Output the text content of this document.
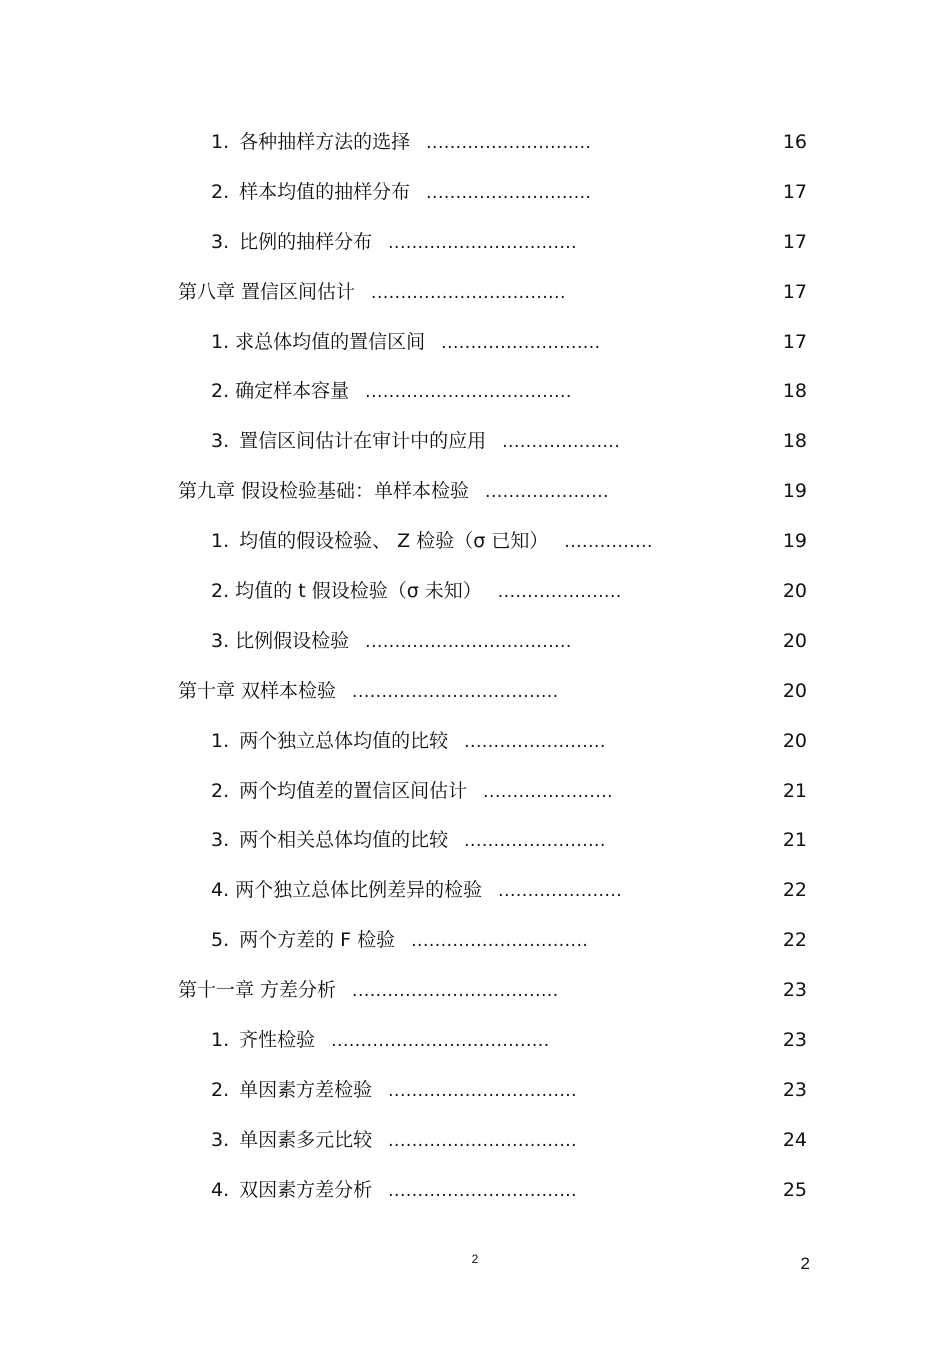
1. 各种抽样方法的选择 ............................	16
2. 样本均值的抽样分布 ............................	17
3. 比例的抽样分布 ................................	17
第八章 置信区间估计 .................................	17
1. 求总体均值的置信区间 ...........................	17
2. 确定样本容量 ...................................	18
3. 置信区间估计在审计中的应用 ....................	18
第九章 假设检验基础：单样本检验 .....................	19
1. 均值的假设检验、 Z 检验（σ 已知） ...............	19
2. 均值的 t 假设检验（σ 未知） .....................	20
3. 比例假设检验 ...................................	20
第十章 双样本检验 ...................................	20
1. 两个独立总体均值的比较 ........................	20
2. 两个均值差的置信区间估计 ......................	21
3. 两个相关总体均值的比较 ........................	21
4. 两个独立总体比例差异的检验 .....................	22
5. 两个方差的 F 检验 ..............................	22
第十一章 方差分析 ...................................	23
1. 齐性检验 .....................................	23
2. 单因素方差检验 ................................	23
3. 单因素多元比较 ................................	24
4. 双因素方差分析 ................................	25
2	2
